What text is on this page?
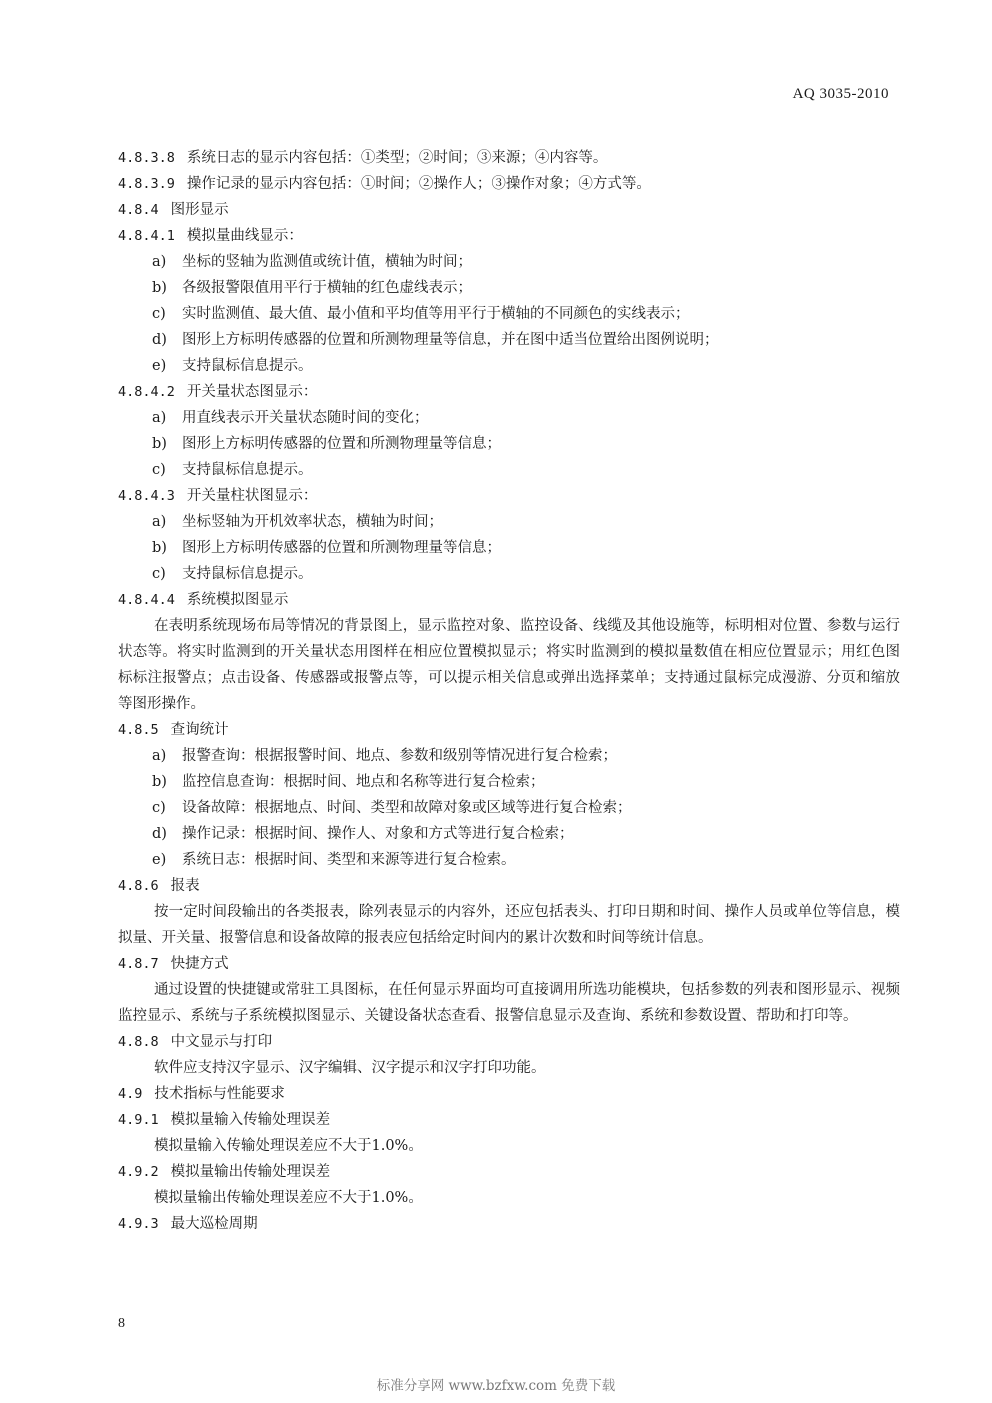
AQ 3035-2010
4.8.3.8 系统日志的显示内容包括：①类型；②时间；③来源；④内容等。
4.8.3.9 操作记录的显示内容包括：①时间；②操作人；③操作对象；④方式等。
4.8.4 图形显示
4.8.4.1 模拟量曲线显示：
a) 坐标的竖轴为监测值或统计值，横轴为时间；
b) 各级报警限值用平行于横轴的红色虚线表示；
c) 实时监测值、最大值、最小值和平均值等用平行于横轴的不同颜色的实线表示；
d) 图形上方标明传感器的位置和所测物理量等信息，并在图中适当位置给出图例说明；
e) 支持鼠标信息提示。
4.8.4.2 开关量状态图显示：
a) 用直线表示开关量状态随时间的变化；
b) 图形上方标明传感器的位置和所测物理量等信息；
c) 支持鼠标信息提示。
4.8.4.3 开关量柱状图显示：
a) 坐标竖轴为开机效率状态，横轴为时间；
b) 图形上方标明传感器的位置和所测物理量等信息；
c) 支持鼠标信息提示。
4.8.4.4 系统模拟图显示
在表明系统现场布局等情况的背景图上，显示监控对象、监控设备、线缆及其他设施等，标明相对位置、参数与运行状态等。将实时监测到的开关量状态用图样在相应位置模拟显示；将实时监测到的模拟量数值在相应位置显示；用红色图标标注报警点；点击设备、传感器或报警点等，可以提示相关信息或弹出选择菜单；支持通过鼠标完成漫游、分页和缩放等图形操作。
4.8.5 查询统计
a) 报警查询：根据报警时间、地点、参数和级别等情况进行复合检索；
b) 监控信息查询：根据时间、地点和名称等进行复合检索；
c) 设备故障：根据地点、时间、类型和故障对象或区域等进行复合检索；
d) 操作记录：根据时间、操作人、对象和方式等进行复合检索；
e) 系统日志：根据时间、类型和来源等进行复合检索。
4.8.6 报表
按一定时间段输出的各类报表，除列表显示的内容外，还应包括表头、打印日期和时间、操作人员或单位等信息，模拟量、开关量、报警信息和设备故障的报表应包括给定时间内的累计次数和时间等统计信息。
4.8.7 快捷方式
通过设置的快捷键或常驻工具图标，在任何显示界面均可直接调用所选功能模块，包括参数的列表和图形显示、视频监控显示、系统与子系统模拟图显示、关键设备状态查看、报警信息显示及查询、系统和参数设置、帮助和打印等。
4.8.8 中文显示与打印
软件应支持汉字显示、汉字编辑、汉字提示和汉字打印功能。
4.9 技术指标与性能要求
4.9.1 模拟量输入传输处理误差
模拟量输入传输处理误差应不大于1.0%。
4.9.2 模拟量输出传输处理误差
模拟量输出传输处理误差应不大于1.0%。
4.9.3 最大巡检周期
8
标准分享网 www.bzfxw.com 免费下载
